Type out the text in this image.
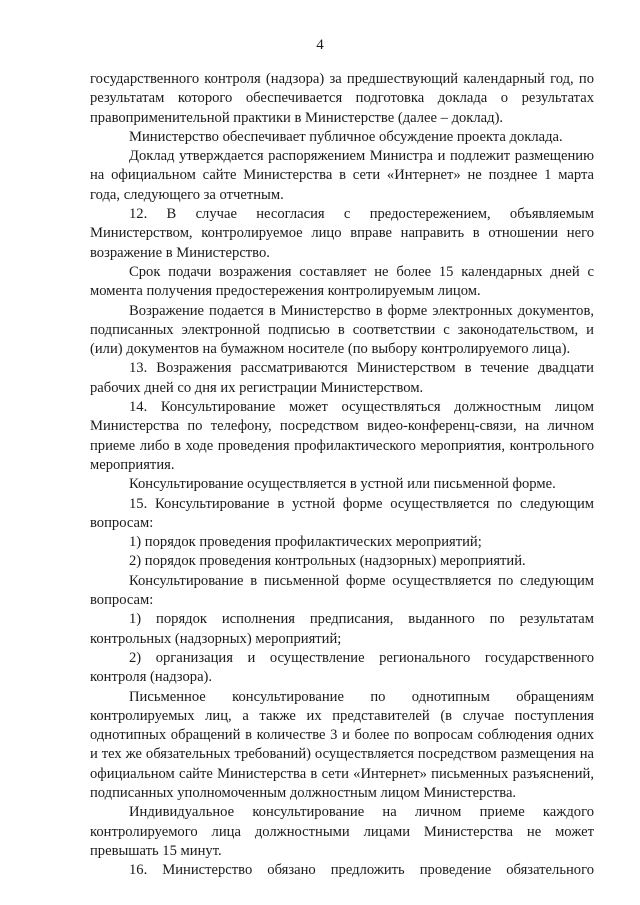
4

государственного контроля (надзора) за предшествующий календарный год, по результатам которого обеспечивается подготовка доклада о результатах правоприменительной практики в Министерстве (далее – доклад).

Министерство обеспечивает публичное обсуждение проекта доклада.

Доклад утверждается распоряжением Министра и подлежит размещению на официальном сайте Министерства в сети «Интернет» не позднее 1 марта года, следующего за отчетным.

12. В случае несогласия с предостережением, объявляемым Министерством, контролируемое лицо вправе направить в отношении него возражение в Министерство.

Срок подачи возражения составляет не более 15 календарных дней с момента получения предостережения контролируемым лицом.

Возражение подается в Министерство в форме электронных документов, подписанных электронной подписью в соответствии с законодательством, и (или) документов на бумажном носителе (по выбору контролируемого лица).

13. Возражения рассматриваются Министерством в течение двадцати рабочих дней со дня их регистрации Министерством.

14. Консультирование может осуществляться должностным лицом Министерства по телефону, посредством видео-конференц-связи, на личном приеме либо в ходе проведения профилактического мероприятия, контрольного мероприятия.

Консультирование осуществляется в устной или письменной форме.

15. Консультирование в устной форме осуществляется по следующим вопросам:

1) порядок проведения профилактических мероприятий;

2) порядок проведения контрольных (надзорных) мероприятий.

Консультирование в письменной форме осуществляется по следующим вопросам:

1) порядок исполнения предписания, выданного по результатам контрольных (надзорных) мероприятий;

2) организация и осуществление регионального государственного контроля (надзора).

Письменное консультирование по однотипным обращениям контролируемых лиц, а также их представителей (в случае поступления однотипных обращений в количестве 3 и более по вопросам соблюдения одних и тех же обязательных требований) осуществляется посредством размещения на официальном сайте Министерства в сети «Интернет» письменных разъяснений, подписанных уполномоченным должностным лицом Министерства.

Индивидуальное консультирование на личном приеме каждого контролируемого лица должностными лицами Министерства не может превышать 15 минут.

16. Министерство обязано предложить проведение обязательного
